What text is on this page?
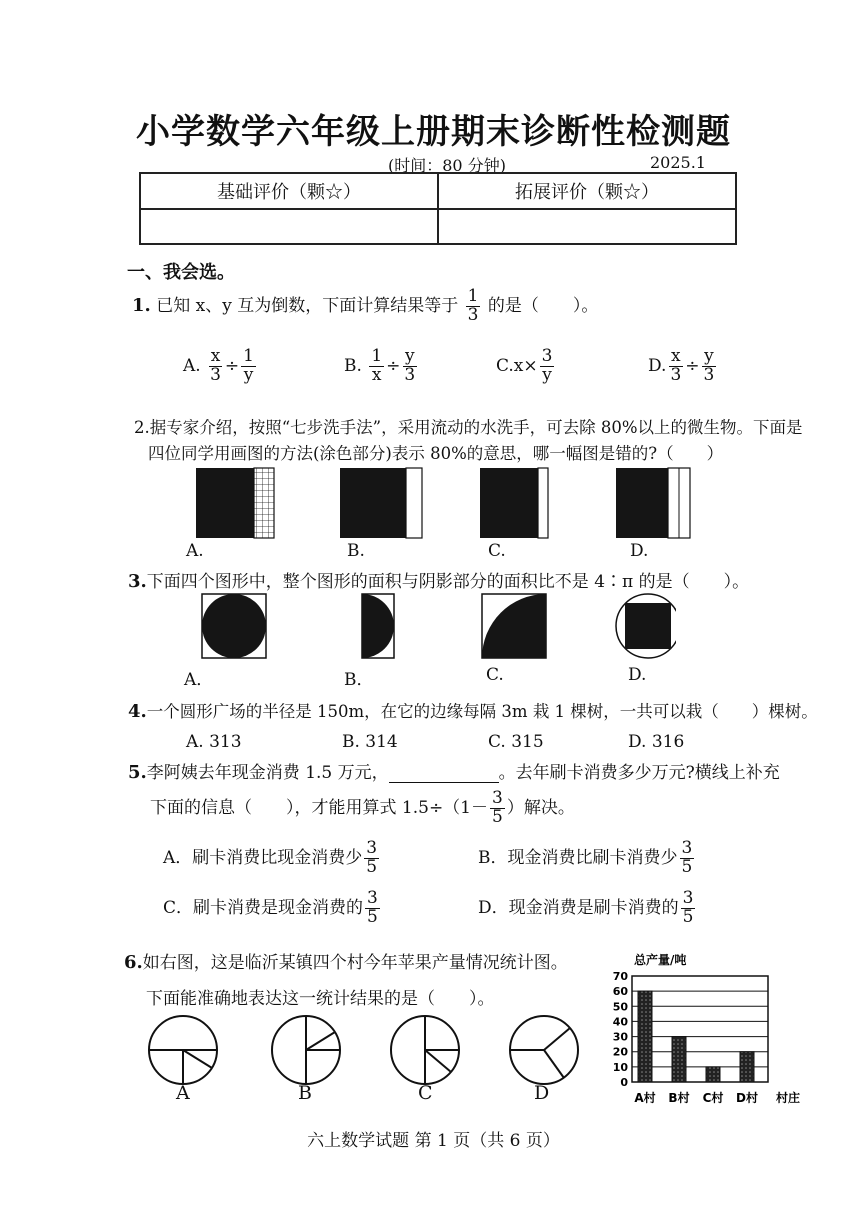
小学数学六年级上册期末诊断性检测题
(时间：80 分钟)	2025.1
基础评价（颗☆）	拓展评价（颗☆）

一、我会选。
1. 已知 x、y 互为倒数，下面计算结果等于 $\frac{1}{3}$ 的是（　　）。
A. $\frac{x}{3} \div \frac{1}{y}$	B. $\frac{1}{x} \div \frac{y}{3}$	$C.x\times \frac{3}{y}$	D. $\frac{x}{3} \div \frac{y}{3}$
2.据专家介绍，按照“七步洗手法”，采用流动的水洗手，可去除 80%以上的微生物。下面是
四位同学用画图的方法(涂色部分)表示 80%的意思，哪一幅图是错的?（　　）
A.	B.	C.	D.
3.下面四个图形中，整个图形的面积与阴影部分的面积比不是 4∶π 的是（　　）。
A．	B．	C.	D.
4.一个圆形广场的半径是 150m，在它的边缘每隔 3m 栽 1 棵树，一共可以栽（　　）棵树。
A. 313	B. 314	C. 315	D. 316
5.李阿姨去年现金消费 1.5 万元，	。去年刷卡消费多少万元?横线上补充
下面的信息（　　），才能用算式 $1.5\div(1- \frac{3}{5}$ ）解决。
A．刷卡消费比现金消费少 $\frac{3}{5}$	B．现金消费比刷卡消费少 $\frac{3}{5}$
C．刷卡消费是现金消费的 $\frac{3}{5}$	D．现金消费是刷卡消费的 $\frac{3}{5}$
6.如右图，这是临沂某镇四个村今年苹果产量情况统计图。
下面能准确地表达这一统计结果的是（　　）。
A	B	C	D
总产量/吨
0
10
20
30
40
50
60
70
A村 B村 C村 D村 村庄
六上数学试题 第 1 页（共 6 页）
